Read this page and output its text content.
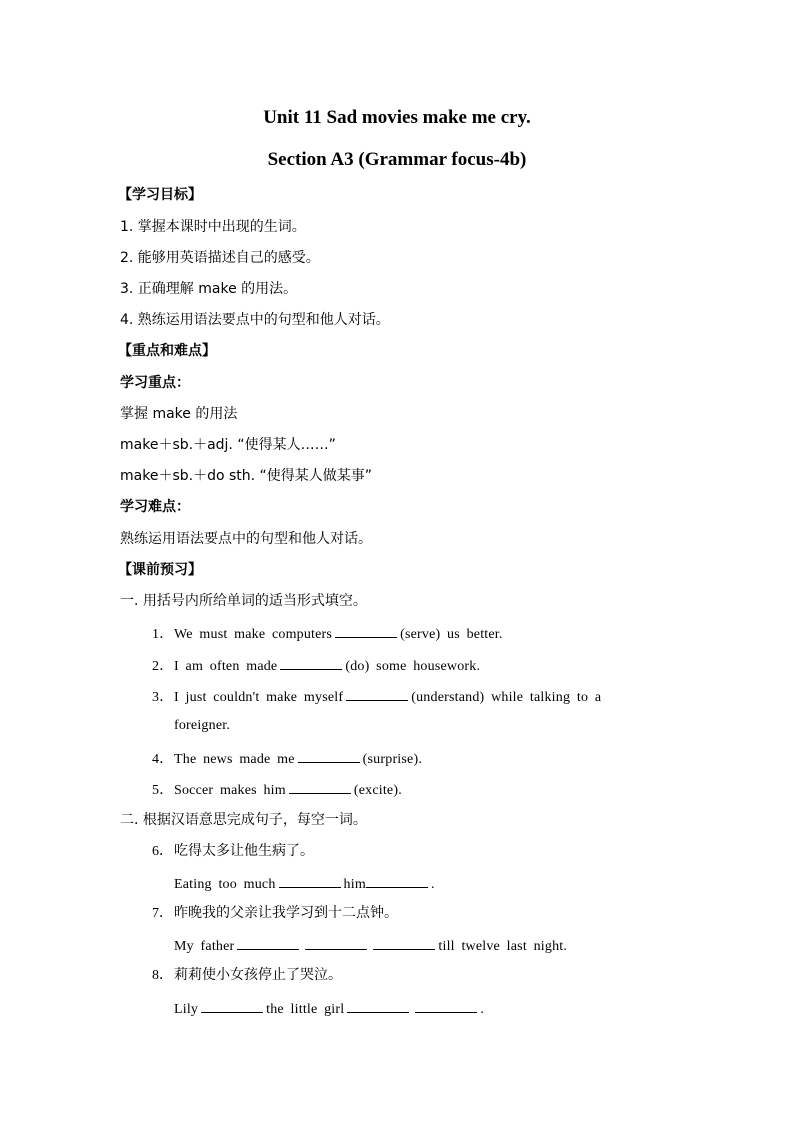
Unit 11 Sad movies make me cry.
Section A3 (Grammar focus-4b)
【学习目标】
1. 掌握本课时中出现的生词。
2. 能够用英语描述自己的感受。
3. 正确理解 make 的用法。
4. 熟练运用语法要点中的句型和他人对话。
【重点和难点】
学习重点：
掌握 make 的用法
make＋sb.＋adj. “使得某人……”
make＋sb.＋do sth. “使得某人做某事”
学习难点：
熟练运用语法要点中的句型和他人对话。
【课前预习】
一. 用括号内所给单词的适当形式填空。
1．We must make computers	(serve) us better.
2．I am often made	(do) some housework.
3．I just couldn't make myself	(understand) while talking to a
foreigner.
4．The news made me	(surprise).
5．Soccer makes him	(excite).
二. 根据汉语意思完成句子，每空一词。
6．吃得太多让他生病了。
Eating too much	him	.
7．昨晚我的父亲让我学习到十二点钟。
My father	till twelve last night.
8．莉莉使小女孩停止了哭泣。
Lily	the little girl	.
